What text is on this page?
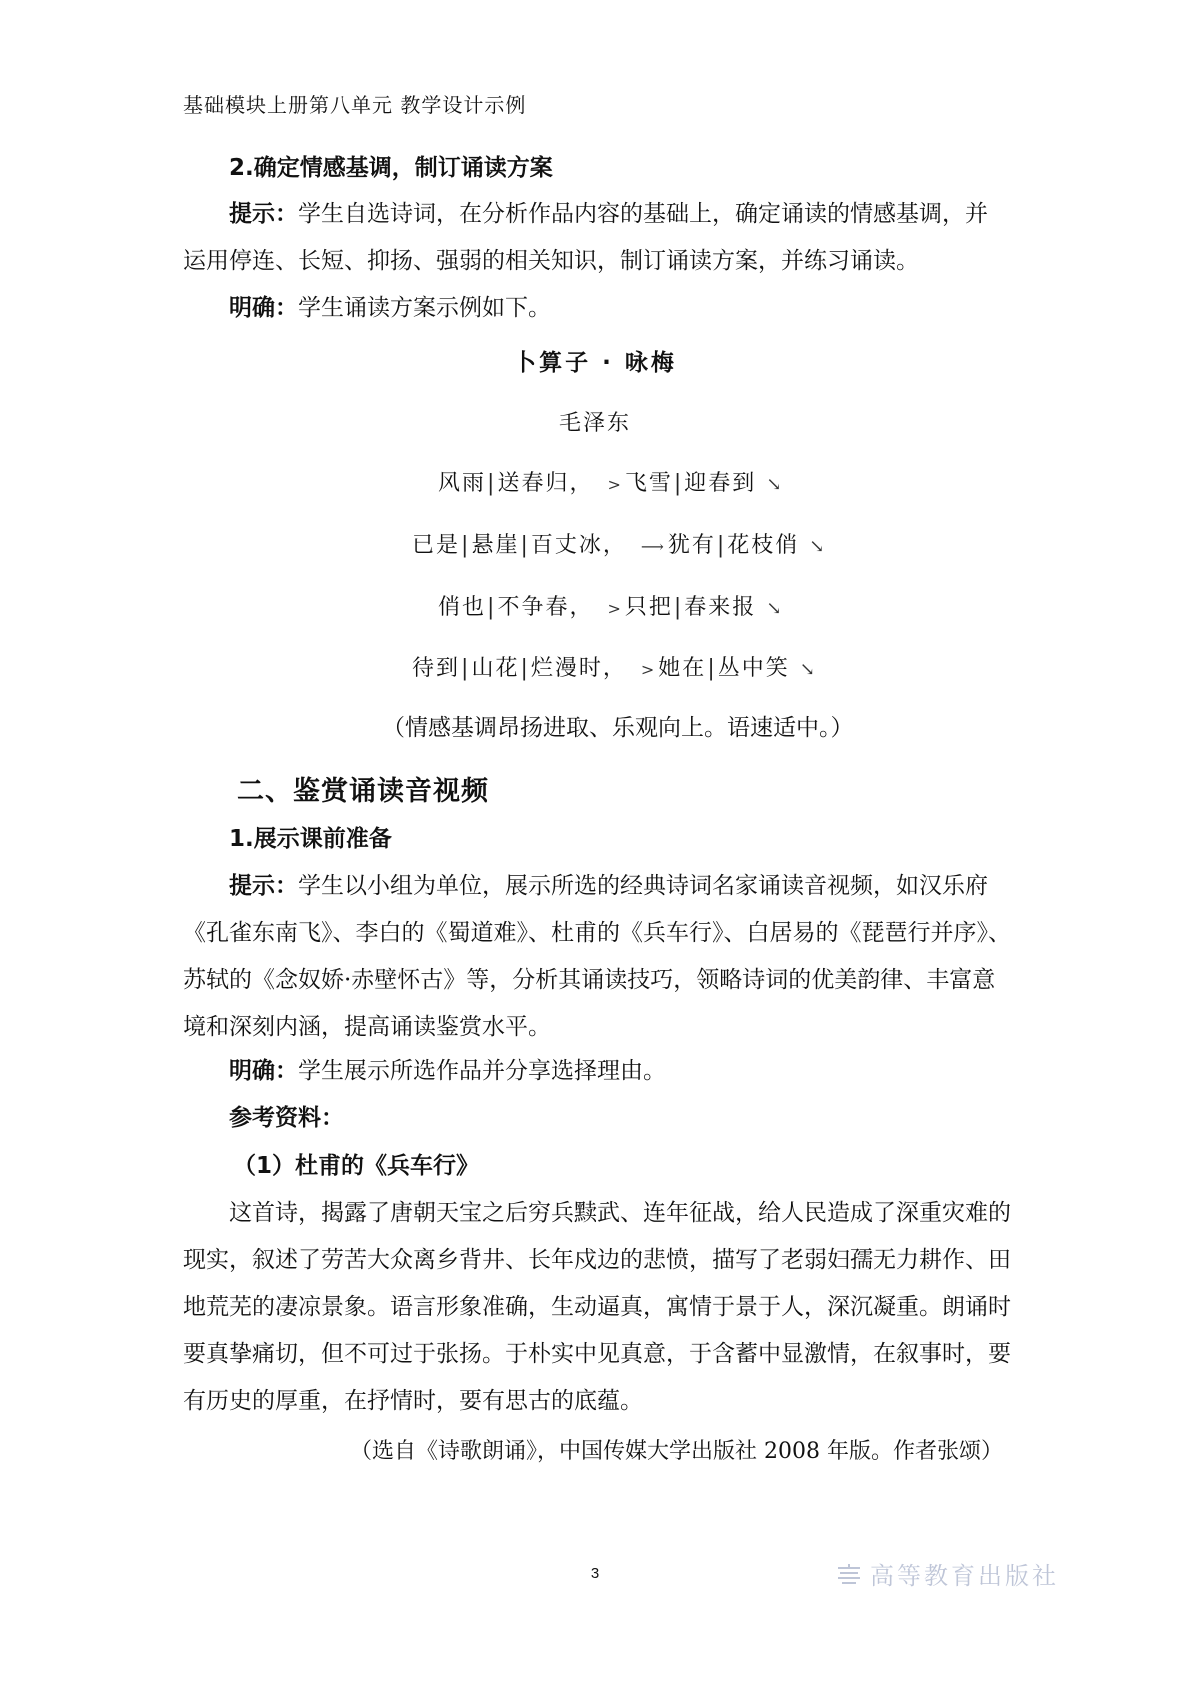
基础模块上册第八单元 教学设计示例
2.确定情感基调，制订诵读方案
提示：学生自选诗词，在分析作品内容的基础上，确定诵读的情感基调，并
运用停连、长短、抑扬、强弱的相关知识，制订诵读方案，并练习诵读。
明确：学生诵读方案示例如下。
卜算子 · 咏梅
毛泽东
风雨|送春归， >飞雪|迎春到 ↘
已是|悬崖|百丈冰， ⟶犹有|花枝俏 ↘
俏也|不争春， >只把|春来报 ↘
待到|山花|烂漫时， >她在|丛中笑 ↘
（情感基调昂扬进取、乐观向上。语速适中。）
二、鉴赏诵读音视频
1.展示课前准备
提示：学生以小组为单位，展示所选的经典诗词名家诵读音视频，如汉乐府《孔雀东南飞》、李白的《蜀道难》、杜甫的《兵车行》、白居易的《琵琶行并序》、苏轼的《念奴娇·赤壁怀古》等，分析其诵读技巧，领略诗词的优美韵律、丰富意境和深刻内涵，提高诵读鉴赏水平。
明确：学生展示所选作品并分享选择理由。
参考资料：
（1）杜甫的《兵车行》
这首诗，揭露了唐朝天宝之后穷兵黩武、连年征战，给人民造成了深重灾难的现实，叙述了劳苦大众离乡背井、长年戍边的悲愤，描写了老弱妇孺无力耕作、田地荒芜的凄凉景象。语言形象准确，生动逼真，寓情于景于人，深沉凝重。朗诵时要真挚痛切，但不可过于张扬。于朴实中见真意，于含蓄中显激情，在叙事时，要有历史的厚重，在抒情时，要有思古的底蕴。
（选自《诗歌朗诵》，中国传媒大学出版社 2008 年版。作者张颂）
3	高等教育出版社
